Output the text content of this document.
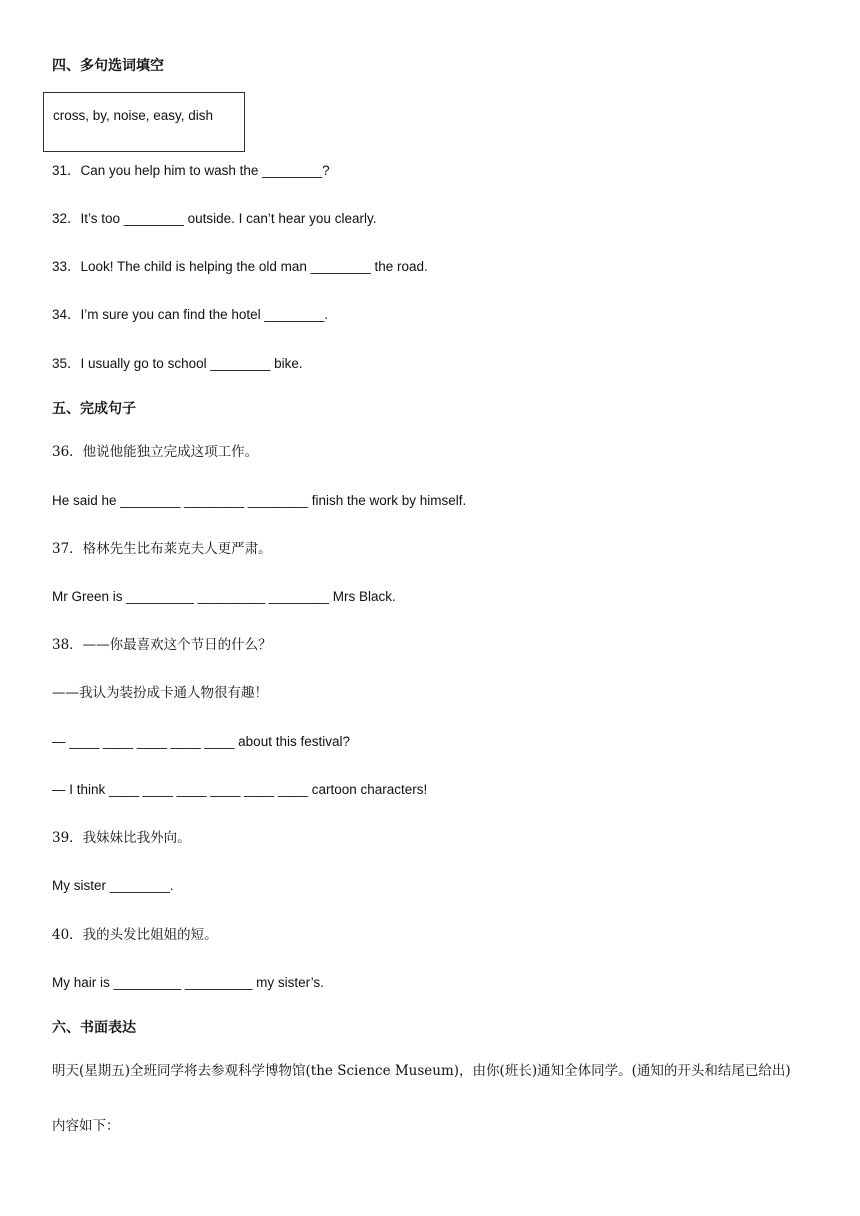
四、多句选词填空
cross, by, noise, easy, dish
31．Can you help him to wash the ________?
32．It’s too ________ outside. I can’t hear you clearly.
33．Look! The child is helping the old man ________ the road.
34．I’m sure you can find the hotel ________.
35．I usually go to school ________ bike.
五、完成句子
36．他说他能独立完成这项工作。
He said he ________ ________ ________ finish the work by himself.
37．格林先生比布莱克夫人更严肃。
Mr Green is _________ _________ ________ Mrs Black.
38．——你最喜欢这个节日的什么？
——我认为装扮成卡通人物很有趣！
— ____ ____ ____ ____ ____ about this festival?
— I think ____ ____ ____ ____ ____ ____ cartoon characters!
39．我妹妹比我外向。
My sister ________.
40．我的头发比姐姐的短。
My hair is _________ _________ my sister’s.
六、书面表达
明天(星期五)全班同学将去参观科学博物馆(the Science Museum)，由你(班长)通知全体同学。(通知的开头和结尾已给出)
内容如下：
